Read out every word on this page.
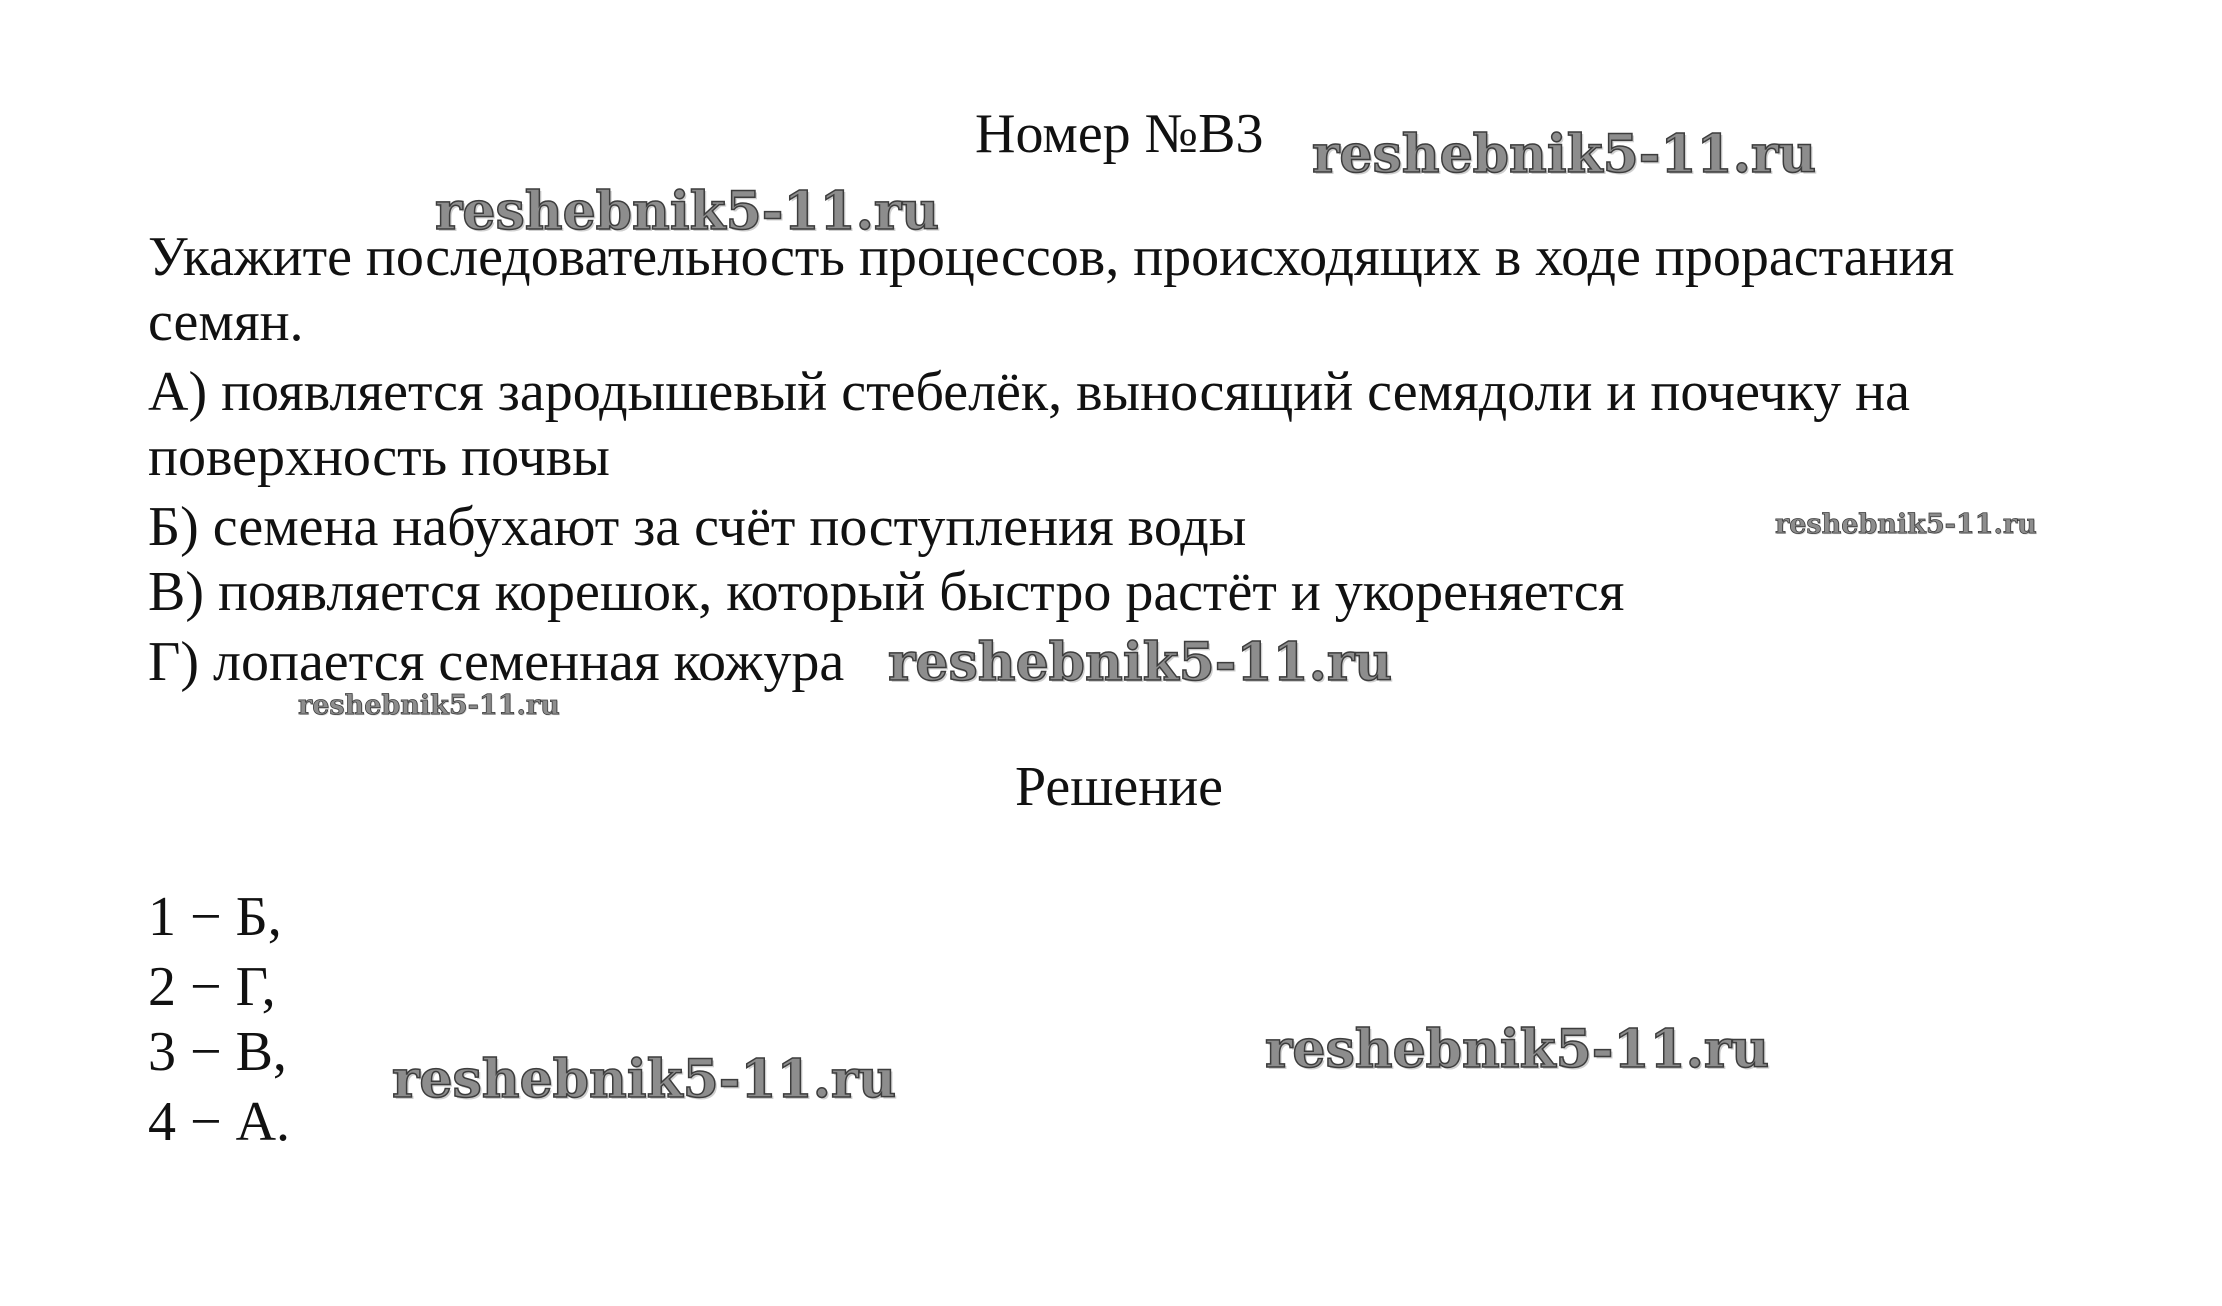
Номер №В3
Укажите последовательность процессов, происходящих в ходе прорастания
семян.
А) появляется зародышевый стебелёк, выносящий семядоли и почечку на
поверхность почвы
Б) семена набухают за счёт поступления воды
В) появляется корешок, который быстро растёт и укореняется
Г) лопается семенная кожура
Решение
1 − Б,
2 − Г,
3 − В,
4 − А.
reshebnik5-11.ru
reshebnik5-11.ru
reshebnik5-11.ru
reshebnik5-11.ru
reshebnik5-11.ru
reshebnik5-11.ru
reshebnik5-11.ru
